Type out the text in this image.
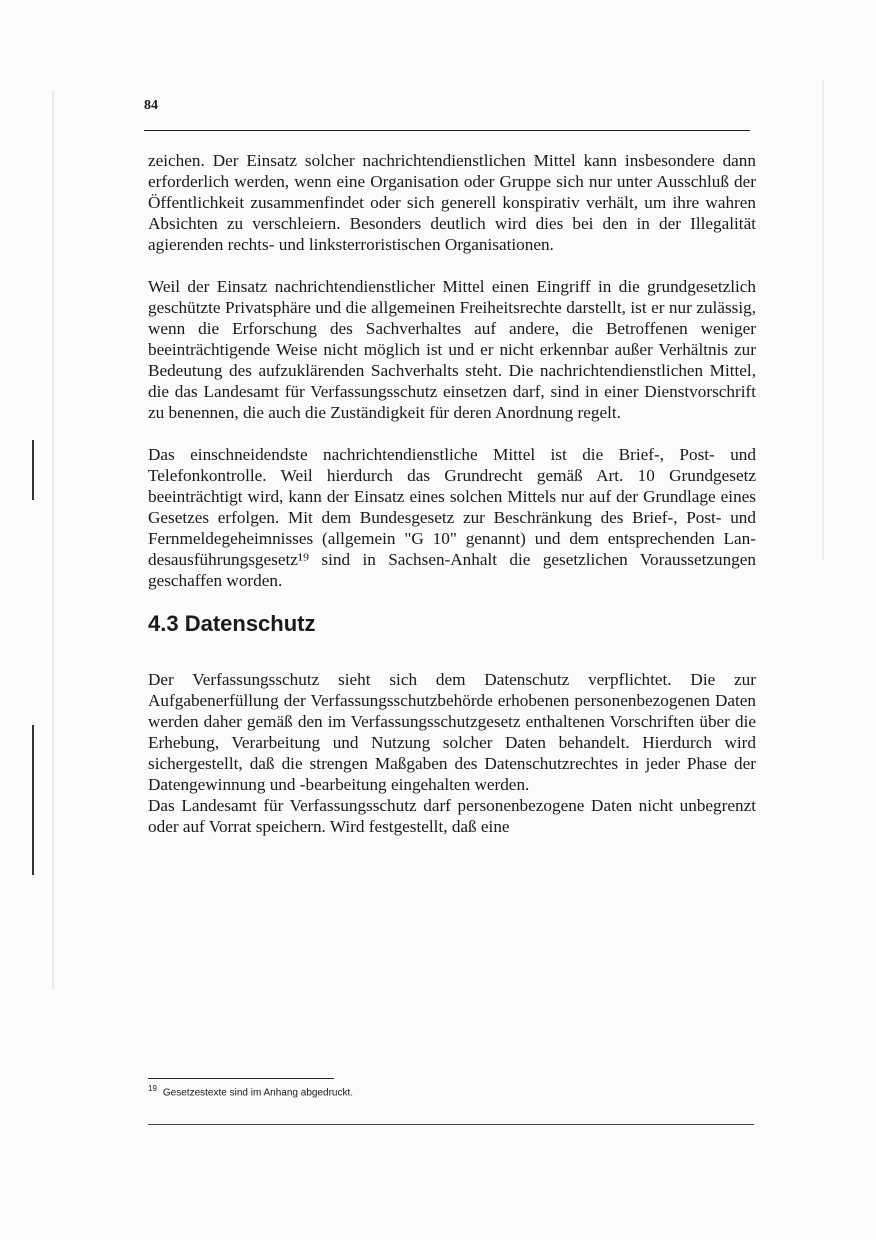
84

zeichen. Der Einsatz solcher nachrichtendienstlichen Mittel kann insbesondere dann erforderlich werden, wenn eine Organisation oder Gruppe sich nur unter Ausschluß der Öffentlichkeit zusammenfindet oder sich generell konspirativ verhält, um ihre wahren Absichten zu verschleiern. Besonders deutlich wird dies bei den in der Illegalität agierenden rechts- und linksterroristischen Organisationen.

Weil der Einsatz nachrichtendienstlicher Mittel einen Eingriff in die grundgesetzlich geschützte Privatsphäre und die allgemeinen Freiheitsrechte darstellt, ist er nur zulässig, wenn die Erforschung des Sachverhaltes auf andere, die Betroffenen weniger beeinträchtigende Weise nicht möglich ist und er nicht erkennbar außer Verhältnis zur Bedeutung des aufzuklärenden Sachverhalts steht. Die nachrichtendienstlichen Mittel, die das Landesamt für Verfassungsschutz einsetzen darf, sind in einer Dienstvorschrift zu benennen, die auch die Zuständigkeit für deren Anordnung regelt.

Das einschneidendste nachrichtendienstliche Mittel ist die Brief-, Post- und Telefonkontrolle. Weil hierdurch das Grundrecht gemäß Art. 10 Grundgesetz beeinträchtigt wird, kann der Einsatz eines solchen Mittels nur auf der Grundlage eines Gesetzes erfolgen. Mit dem Bundesgesetz zur Beschränkung des Brief-, Post- und Fernmeldegeheimnisses (allgemein "G 10" genannt) und dem entsprechenden Landesausführungsgesetz¹⁹ sind in Sachsen-Anhalt die gesetzlichen Voraussetzungen geschaffen worden.

4.3 Datenschutz

Der Verfassungsschutz sieht sich dem Datenschutz verpflichtet. Die zur Aufgabenerfüllung der Verfassungsschutzbehörde erhobenen personenbezogenen Daten werden daher gemäß den im Verfassungsschutzgesetz enthaltenen Vorschriften über die Erhebung, Verarbeitung und Nutzung solcher Daten behandelt. Hierdurch wird sichergestellt, daß die strengen Maßgaben des Datenschutzrechtes in jeder Phase der Datengewinnung und -bearbeitung eingehalten werden.

Das Landesamt für Verfassungsschutz darf personenbezogene Daten nicht unbegrenzt oder auf Vorrat speichern. Wird festgestellt, daß eine

$^{19}$ Gesetzestexte sind im Anhang abgedruckt.
